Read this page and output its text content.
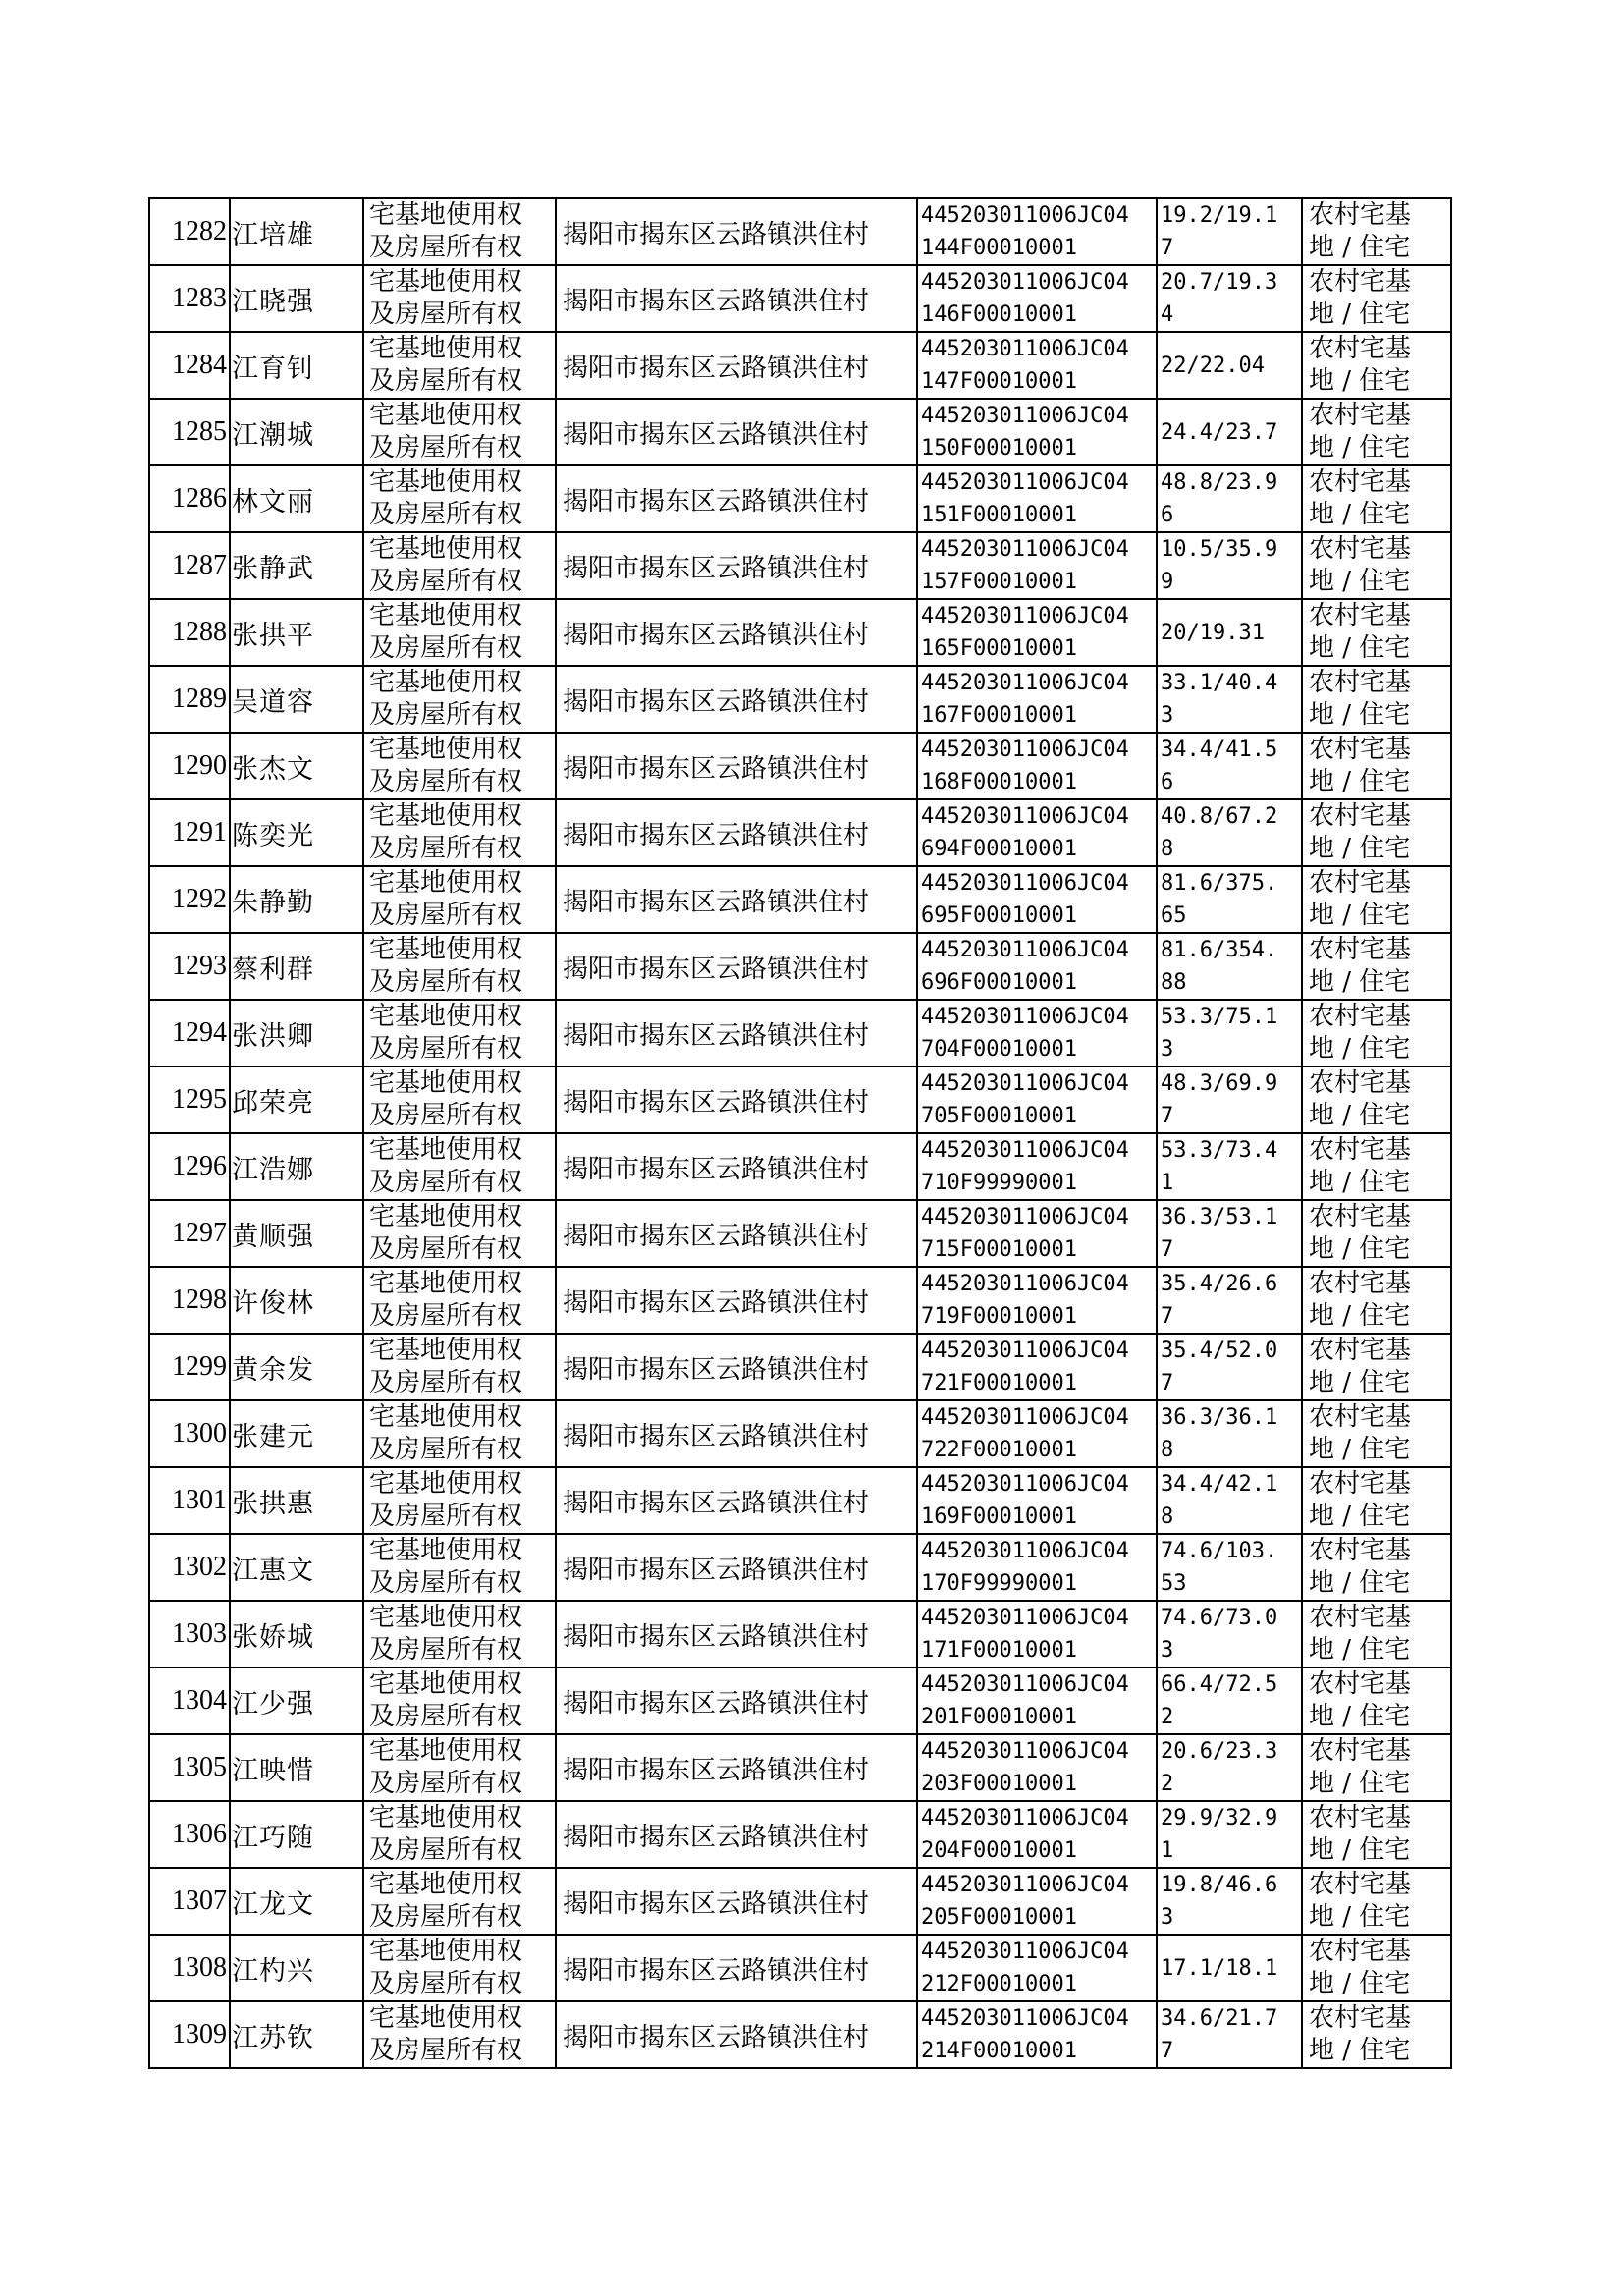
1282	江培雄	宅基地使用权
及房屋所有权	揭阳市揭东区云路镇洪住村	445203011006JC04
144F00010001	19.2/19.1
7	农村宅基
地 / 住宅

1283	江晓强	宅基地使用权
及房屋所有权	揭阳市揭东区云路镇洪住村	445203011006JC04
146F00010001	20.7/19.3
4	农村宅基
地 / 住宅

1284	江育钊	宅基地使用权
及房屋所有权	揭阳市揭东区云路镇洪住村	445203011006JC04
147F00010001	22/22.04	农村宅基
地 / 住宅

1285	江潮城	宅基地使用权
及房屋所有权	揭阳市揭东区云路镇洪住村	445203011006JC04
150F00010001	24.4/23.7	农村宅基
地 / 住宅

1286	林文丽	宅基地使用权
及房屋所有权	揭阳市揭东区云路镇洪住村	445203011006JC04
151F00010001	48.8/23.9
6	农村宅基
地 / 住宅

1287	张静武	宅基地使用权
及房屋所有权	揭阳市揭东区云路镇洪住村	445203011006JC04
157F00010001	10.5/35.9
9	农村宅基
地 / 住宅

1288	张拱平	宅基地使用权
及房屋所有权	揭阳市揭东区云路镇洪住村	445203011006JC04
165F00010001	20/19.31	农村宅基
地 / 住宅

1289	吴道容	宅基地使用权
及房屋所有权	揭阳市揭东区云路镇洪住村	445203011006JC04
167F00010001	33.1/40.4
3	农村宅基
地 / 住宅

1290	张杰文	宅基地使用权
及房屋所有权	揭阳市揭东区云路镇洪住村	445203011006JC04
168F00010001	34.4/41.5
6	农村宅基
地 / 住宅

1291	陈奕光	宅基地使用权
及房屋所有权	揭阳市揭东区云路镇洪住村	445203011006JC04
694F00010001	40.8/67.2
8	农村宅基
地 / 住宅

1292	朱静勤	宅基地使用权
及房屋所有权	揭阳市揭东区云路镇洪住村	445203011006JC04
695F00010001	81.6/375.
65	农村宅基
地 / 住宅

1293	蔡利群	宅基地使用权
及房屋所有权	揭阳市揭东区云路镇洪住村	445203011006JC04
696F00010001	81.6/354.
88	农村宅基
地 / 住宅

1294	张洪卿	宅基地使用权
及房屋所有权	揭阳市揭东区云路镇洪住村	445203011006JC04
704F00010001	53.3/75.1
3	农村宅基
地 / 住宅

1295	邱荣亮	宅基地使用权
及房屋所有权	揭阳市揭东区云路镇洪住村	445203011006JC04
705F00010001	48.3/69.9
7	农村宅基
地 / 住宅

1296	江浩娜	宅基地使用权
及房屋所有权	揭阳市揭东区云路镇洪住村	445203011006JC04
710F99990001	53.3/73.4
1	农村宅基
地 / 住宅

1297	黄顺强	宅基地使用权
及房屋所有权	揭阳市揭东区云路镇洪住村	445203011006JC04
715F00010001	36.3/53.1
7	农村宅基
地 / 住宅

1298	许俊林	宅基地使用权
及房屋所有权	揭阳市揭东区云路镇洪住村	445203011006JC04
719F00010001	35.4/26.6
7	农村宅基
地 / 住宅

1299	黄余发	宅基地使用权
及房屋所有权	揭阳市揭东区云路镇洪住村	445203011006JC04
721F00010001	35.4/52.0
7	农村宅基
地 / 住宅

1300	张建元	宅基地使用权
及房屋所有权	揭阳市揭东区云路镇洪住村	445203011006JC04
722F00010001	36.3/36.1
8	农村宅基
地 / 住宅

1301	张拱惠	宅基地使用权
及房屋所有权	揭阳市揭东区云路镇洪住村	445203011006JC04
169F00010001	34.4/42.1
8	农村宅基
地 / 住宅

1302	江惠文	宅基地使用权
及房屋所有权	揭阳市揭东区云路镇洪住村	445203011006JC04
170F99990001	74.6/103.
53	农村宅基
地 / 住宅

1303	张娇城	宅基地使用权
及房屋所有权	揭阳市揭东区云路镇洪住村	445203011006JC04
171F00010001	74.6/73.0
3	农村宅基
地 / 住宅

1304	江少强	宅基地使用权
及房屋所有权	揭阳市揭东区云路镇洪住村	445203011006JC04
201F00010001	66.4/72.5
2	农村宅基
地 / 住宅

1305	江映惜	宅基地使用权
及房屋所有权	揭阳市揭东区云路镇洪住村	445203011006JC04
203F00010001	20.6/23.3
2	农村宅基
地 / 住宅

1306	江巧随	宅基地使用权
及房屋所有权	揭阳市揭东区云路镇洪住村	445203011006JC04
204F00010001	29.9/32.9
1	农村宅基
地 / 住宅

1307	江龙文	宅基地使用权
及房屋所有权	揭阳市揭东区云路镇洪住村	445203011006JC04
205F00010001	19.8/46.6
3	农村宅基
地 / 住宅

1308	江杓兴	宅基地使用权
及房屋所有权	揭阳市揭东区云路镇洪住村	445203011006JC04
212F00010001	17.1/18.1	农村宅基
地 / 住宅

1309	江苏钦	宅基地使用权
及房屋所有权	揭阳市揭东区云路镇洪住村	445203011006JC04
214F00010001	34.6/21.7
7	农村宅基
地 / 住宅
